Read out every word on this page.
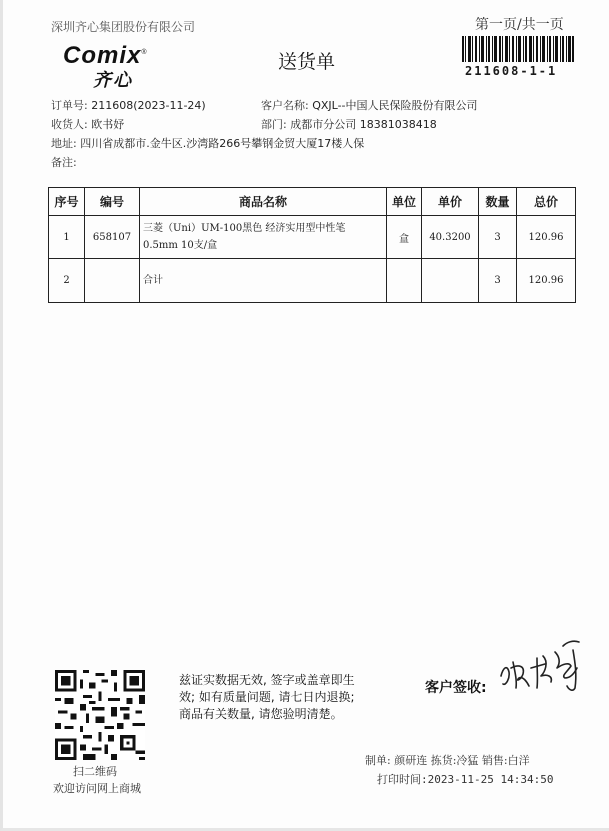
深圳齐心集团股份有限公司	第一页/共一页
211608-1-1
Comix®
齐心
送货单
订单号: 211608(2023-11-24)	客户名称: QXJL--中国人民保险股份有限公司
收货人: 欧书妤	部门: 成都市分公司 18381038418
地址: 四川省成都市.金牛区.沙湾路266号攀钢金贸大厦17楼人保
备注:
序号	编号	商品名称	单位	单价	数量	总价
1	658107	三菱（Uni）UM-100黑色 经济实用型中性笔
0.5mm 10支/盒	盒	40.3200	3	120.96
2		合计			3	120.96
扫二维码
欢迎访问网上商城
兹证实数据无效, 签字或盖章即生
效; 如有质量问题, 请七日内退换;
商品有关数量, 请您验明清楚。
客户签收:
制单: 颜研连 拣货:冷猛 销售:白洋
打印时间:2023-11-25 14:34:50
